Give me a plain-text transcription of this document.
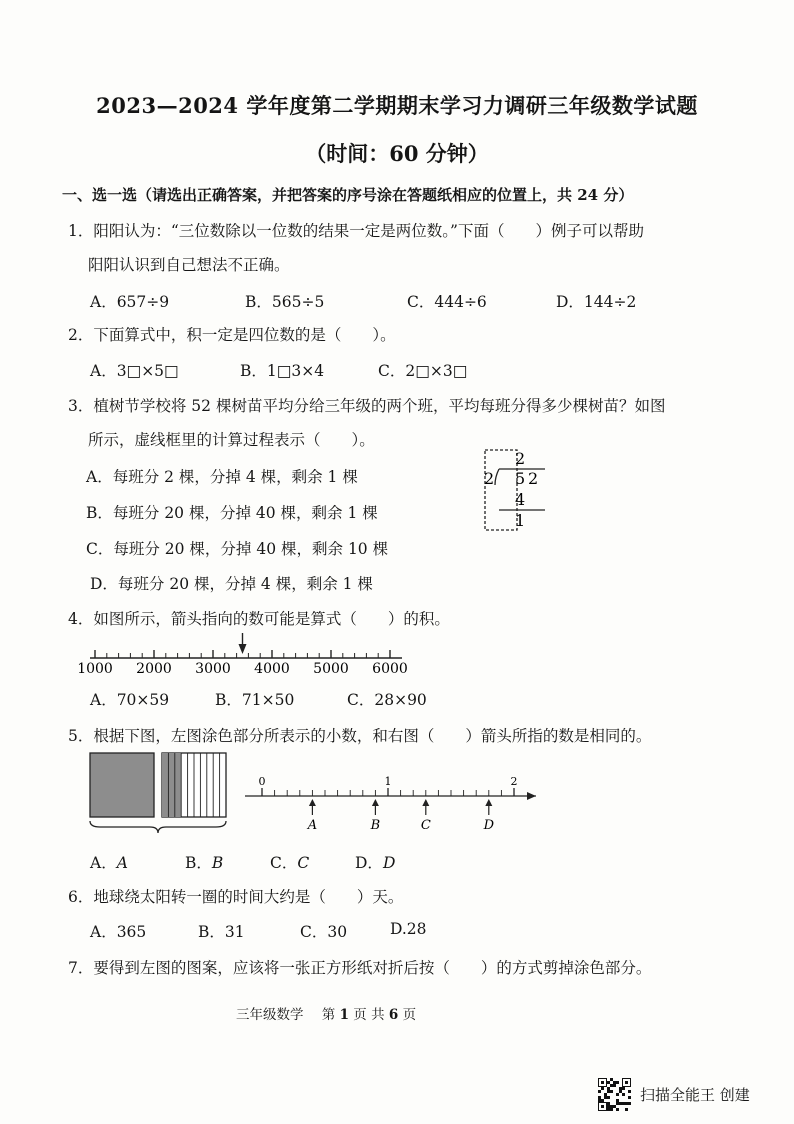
2023—2024 学年度第二学期期末学习力调研三年级数学试题
（时间：60 分钟）
一、选一选（请选出正确答案，并把答案的序号涂在答题纸相应的位置上，共 24 分）
1．阳阳认为：“三位数除以一位数的结果一定是两位数。”下面（　　）例子可以帮助
阳阳认识到自己想法不正确。
A．657÷9	B．565÷5	C．444÷6	D．144÷2
2．下面算式中，积一定是四位数的是（　　）。
A．3□×5□	B．1□3×4	C．2□×3□
3．植树节学校将 52 棵树苗平均分给三年级的两个班，平均每班分得多少棵树苗？如图
所示，虚线框里的计算过程表示（　　）。
A．每班分 2 棵，分掉 4 棵，剩余 1 棵
B．每班分 20 棵，分掉 40 棵，剩余 1 棵
C．每班分 20 棵，分掉 40 棵，剩余 10 棵
D．每班分 20 棵，分掉 4 棵，剩余 1 棵
2
2 5 2
4
1
4．如图所示，箭头指向的数可能是算式（　　）的积。
1000 2000 3000 4000 5000 6000
A．70×59	B．71×50	C．28×90
5．根据下图，左图涂色部分所表示的小数，和右图（　　）箭头所指的数是相同的。
0	1	2
A	B	C	D
A．A	B．B	C．C	D．D
6．地球绕太阳转一圈的时间大约是（　　）天。
A．365	B．31	C．30	D.28
7．要得到左图的图案，应该将一张正方形纸对折后按（　　）的方式剪掉涂色部分。
三年级数学 第 1 页 共 6 页
扫描全能王 创建
